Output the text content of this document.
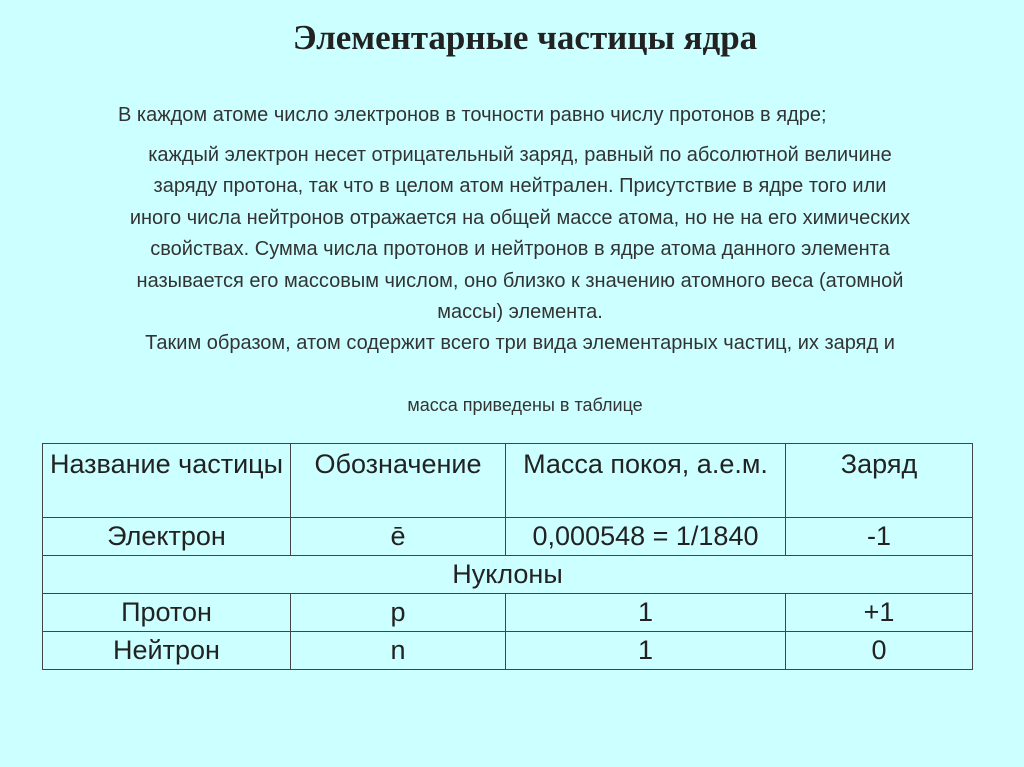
Элементарные частицы ядра

В каждом атоме число электронов в точности равно числу протонов в ядре;

каждый электрон несет отрицательный заряд, равный по абсолютной величине
заряду протона, так что в целом атом нейтрален. Присутствие в ядре того или
иного числа нейтронов отражается на общей массе атома, но не на его химических
свойствах. Сумма числа протонов и нейтронов в ядре атома данного элемента
называется его массовым числом, оно близко к значению атомного веса (атомной
массы) элемента.
Таким образом, атом содержит всего три вида элементарных частиц, их заряд и

масса приведены в таблице

Название частицы	Обозначение	Масса покоя, а.е.м.	Заряд
Электрон	ē	0,000548 = 1/1840	-1
Нуклоны			
Протон	p	1	+1
Нейтрон	n	1	0
